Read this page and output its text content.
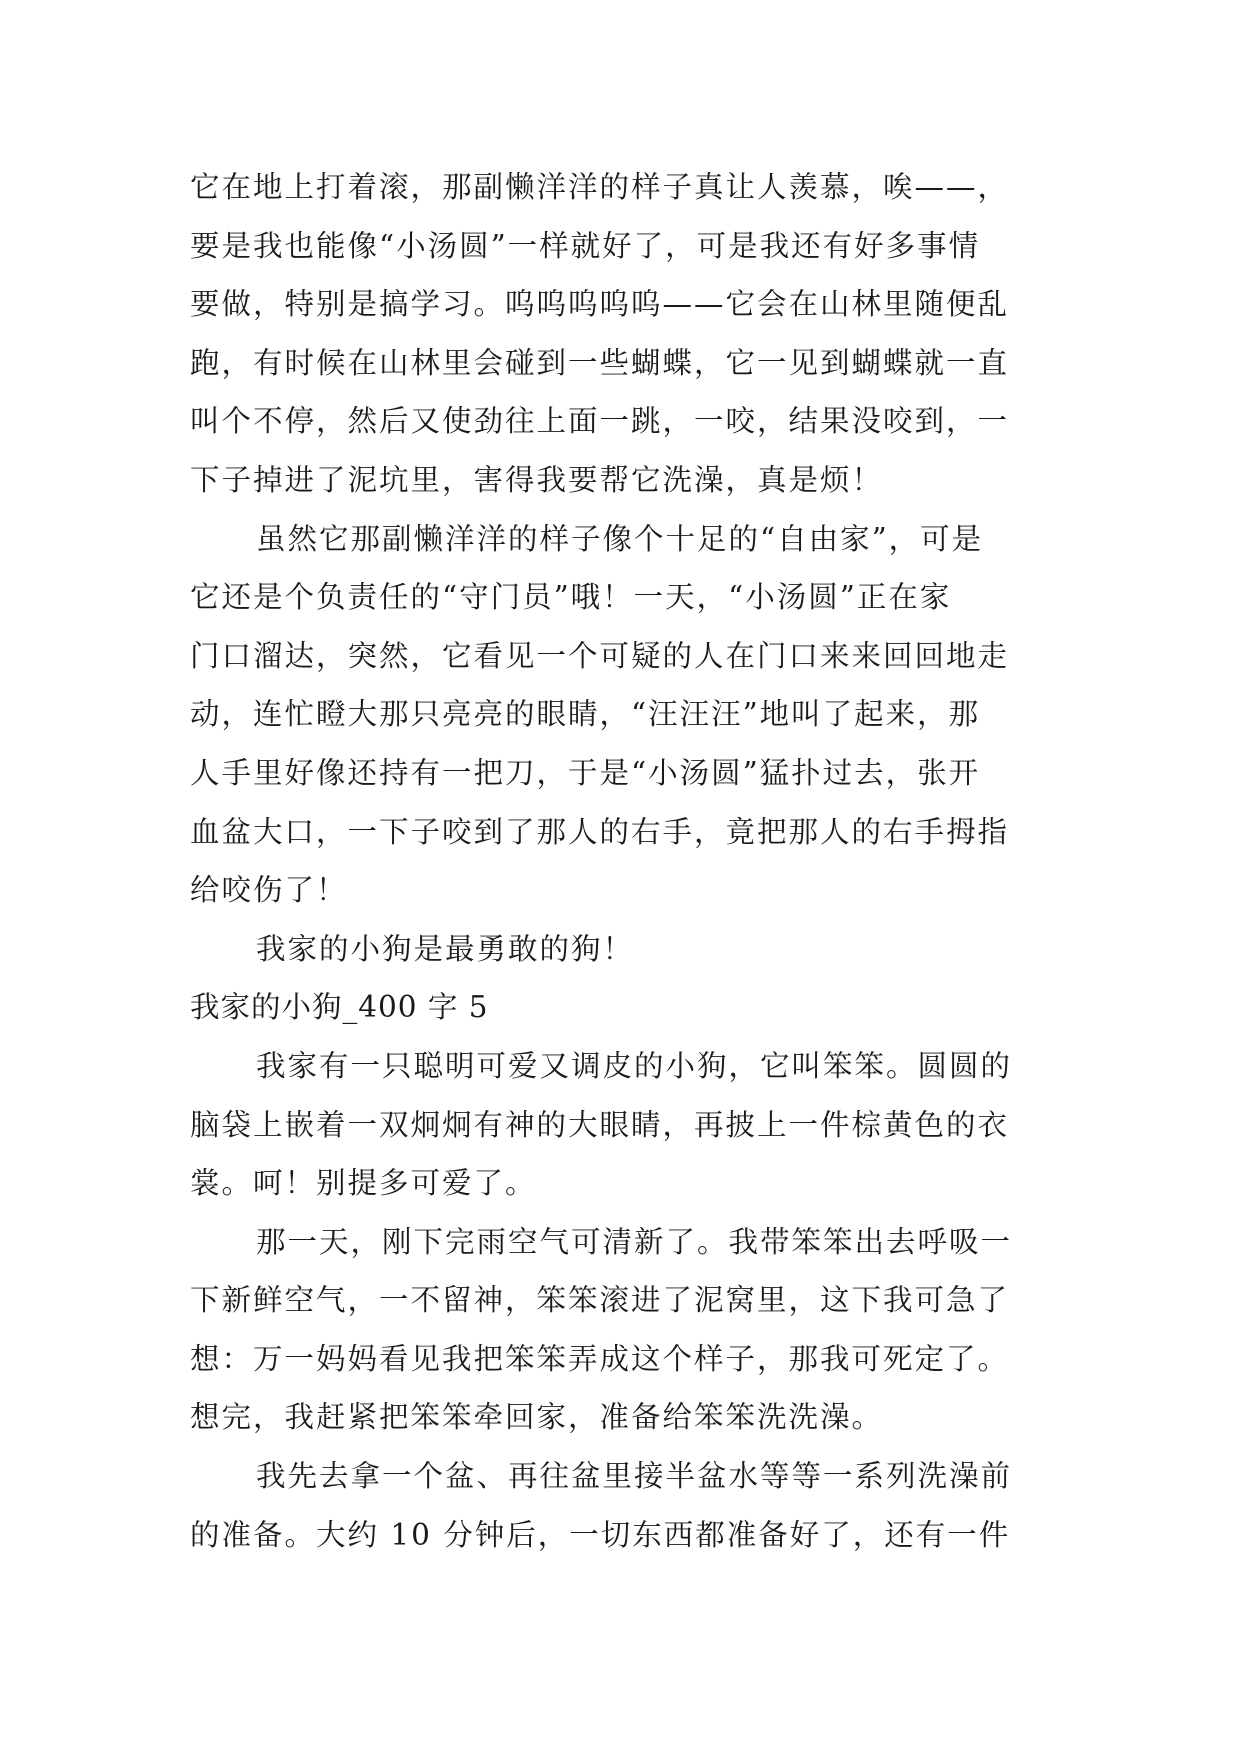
它在地上打着滚，那副懒洋洋的样子真让人羡慕，唉——，
要是我也能像“小汤圆”一样就好了，可是我还有好多事情
要做，特别是搞学习。呜呜呜呜呜——它会在山林里随便乱
跑，有时候在山林里会碰到一些蝴蝶，它一见到蝴蝶就一直
叫个不停，然后又使劲往上面一跳，一咬，结果没咬到，一
下子掉进了泥坑里，害得我要帮它洗澡，真是烦！
虽然它那副懒洋洋的样子像个十足的“自由家”，可是
它还是个负责任的“守门员”哦！一天，“小汤圆”正在家
门口溜达，突然，它看见一个可疑的人在门口来来回回地走
动，连忙瞪大那只亮亮的眼睛，“汪汪汪”地叫了起来，那
人手里好像还持有一把刀，于是“小汤圆”猛扑过去，张开
血盆大口，一下子咬到了那人的右手，竟把那人的右手拇指
给咬伤了！
我家的小狗是最勇敢的狗！
我家的小狗_400 字 5
我家有一只聪明可爱又调皮的小狗，它叫笨笨。圆圆的
脑袋上嵌着一双炯炯有神的大眼睛，再披上一件棕黄色的衣
裳。呵！别提多可爱了。
那一天，刚下完雨空气可清新了。我带笨笨出去呼吸一
下新鲜空气，一不留神，笨笨滚进了泥窝里，这下我可急了
想：万一妈妈看见我把笨笨弄成这个样子，那我可死定了。
想完，我赶紧把笨笨牵回家，准备给笨笨洗洗澡。
我先去拿一个盆、再往盆里接半盆水等等一系列洗澡前
的准备。大约 10 分钟后，一切东西都准备好了，还有一件
